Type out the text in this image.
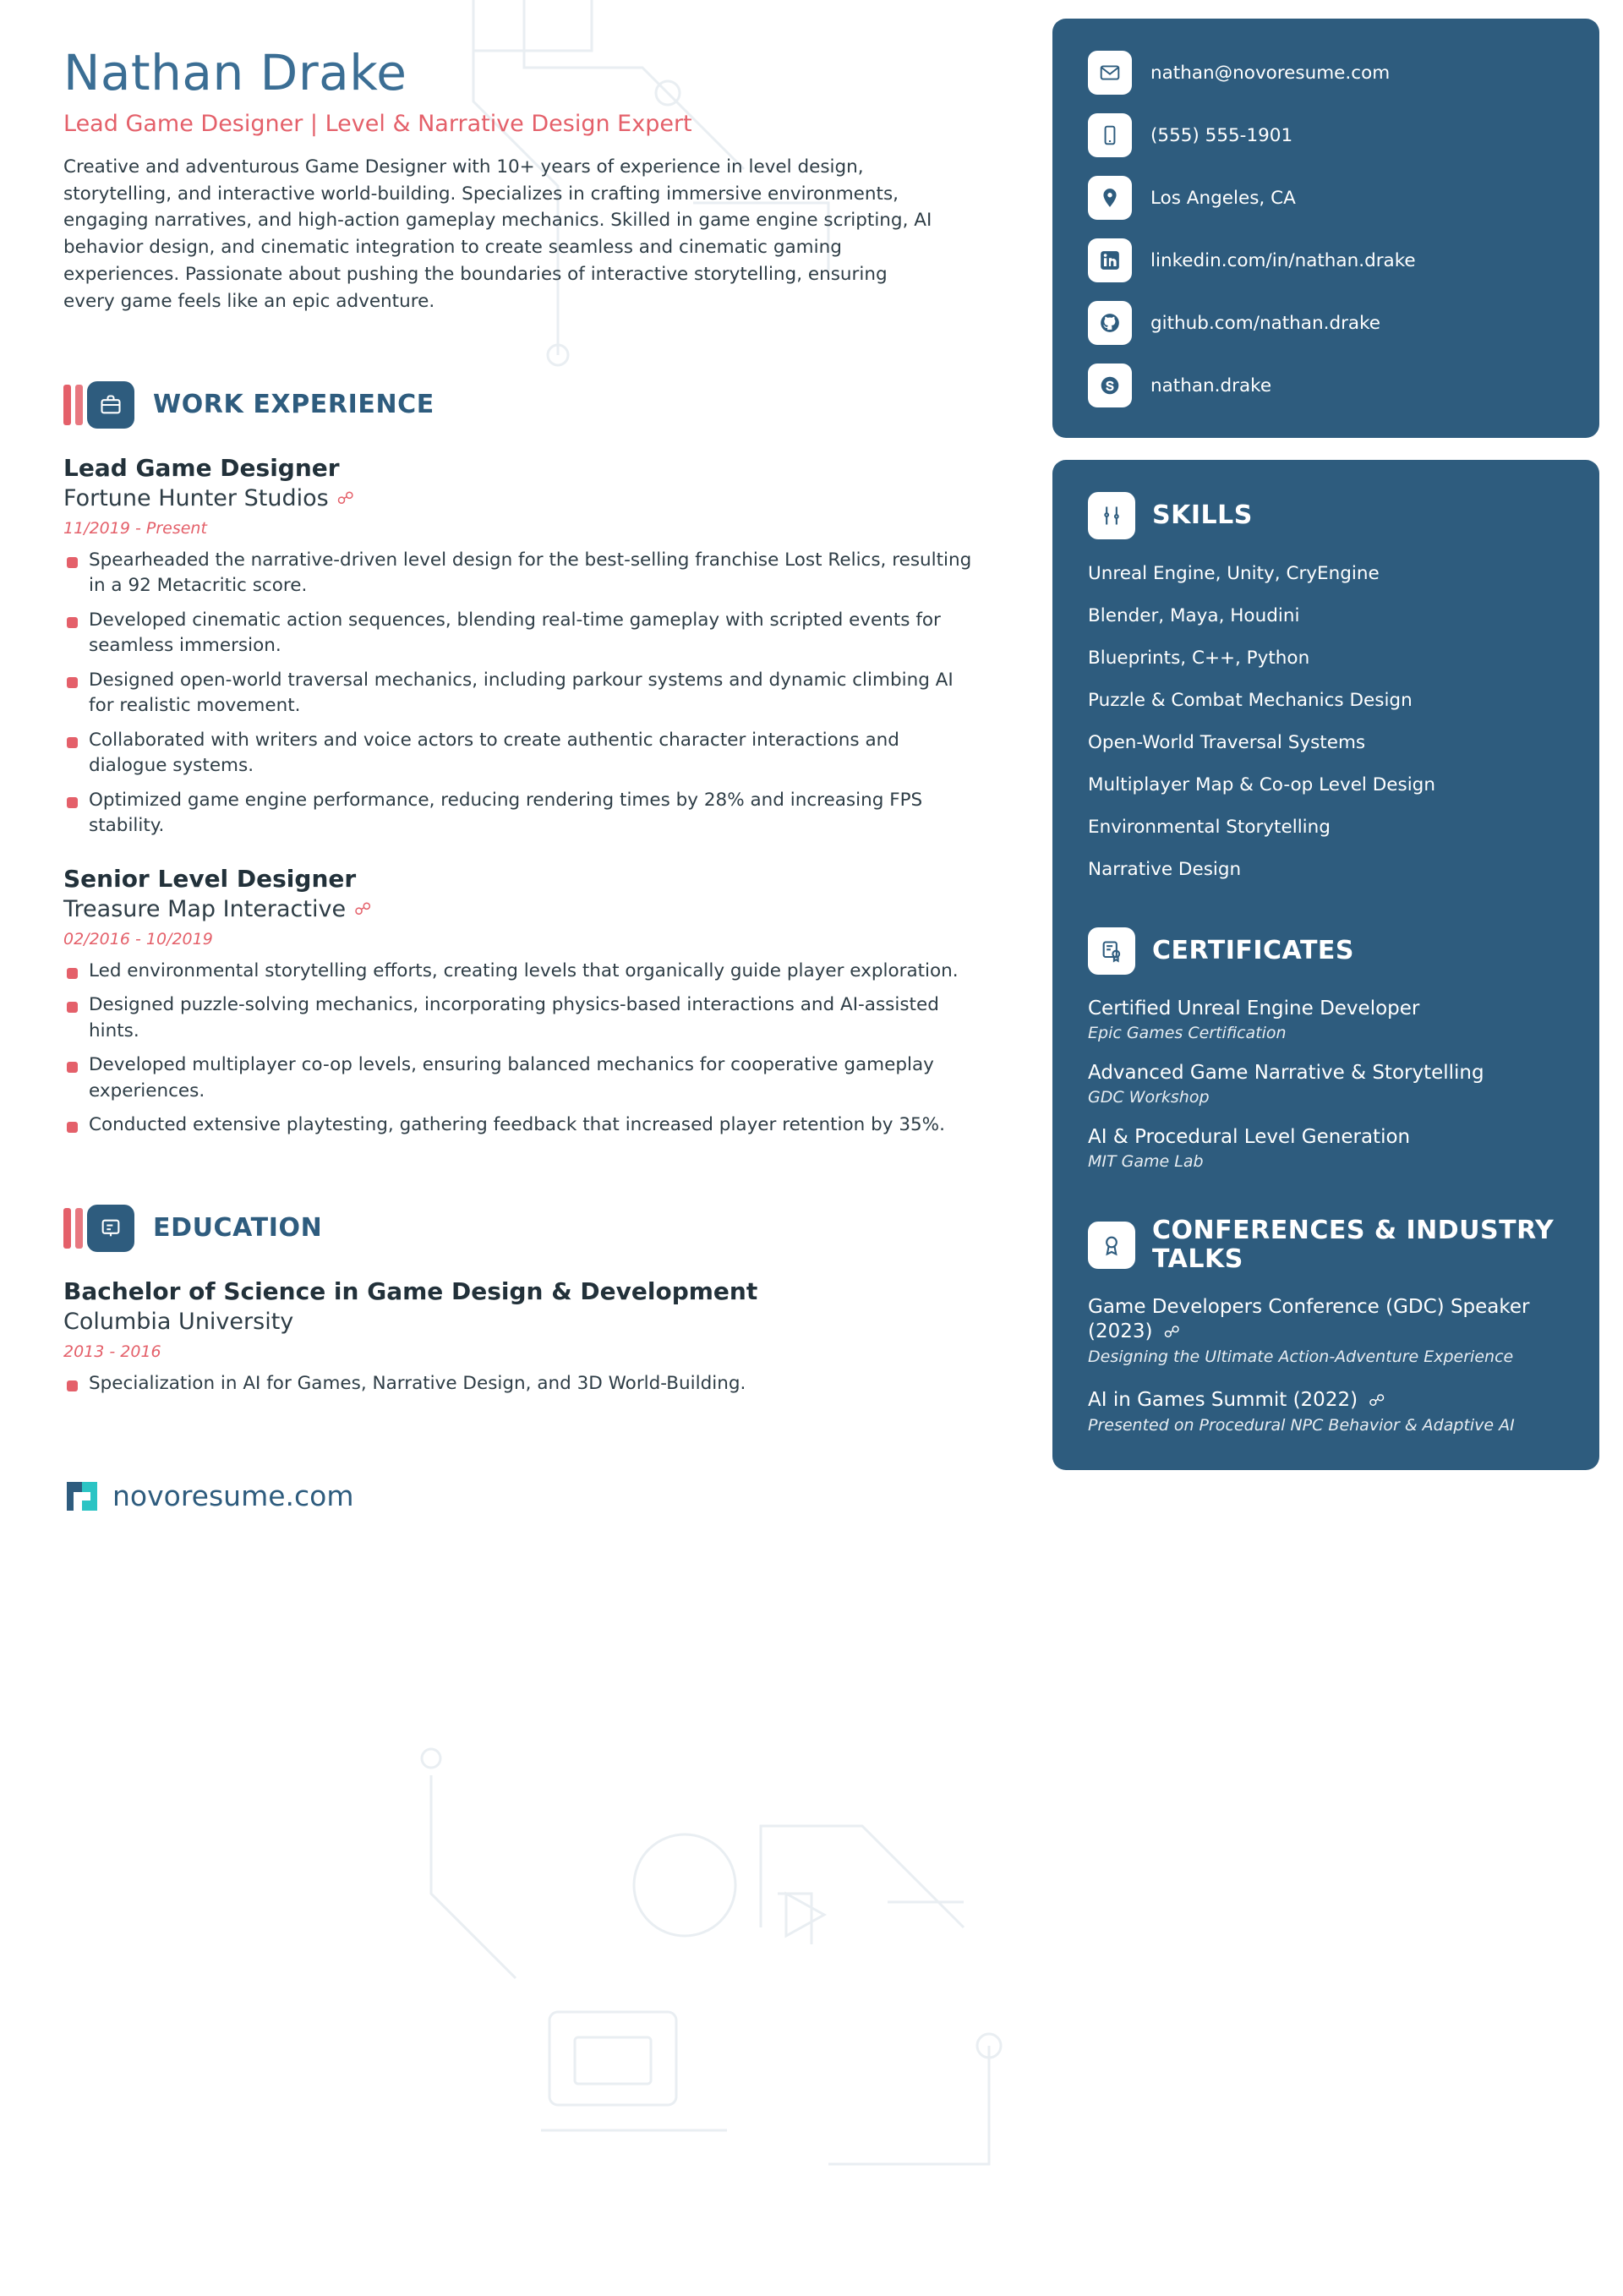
Nathan Drake
Lead Game Designer | Level & Narrative Design Expert
Creative and adventurous Game Designer with 10+ years of experience in level design, storytelling, and interactive world-building. Specializes in crafting immersive environments, engaging narratives, and high-action gameplay mechanics. Skilled in game engine scripting, AI behavior design, and cinematic integration to create seamless and cinematic gaming experiences. Passionate about pushing the boundaries of interactive storytelling, ensuring every game feels like an epic adventure.
WORK EXPERIENCE
Lead Game Designer
Fortune Hunter Studios ☍
11/2019 - Present
Spearheaded the narrative-driven level design for the best-selling franchise Lost Relics, resulting in a 92 Metacritic score.
Developed cinematic action sequences, blending real-time gameplay with scripted events for seamless immersion.
Designed open-world traversal mechanics, including parkour systems and dynamic climbing AI for realistic movement.
Collaborated with writers and voice actors to create authentic character interactions and dialogue systems.
Optimized game engine performance, reducing rendering times by 28% and increasing FPS stability.
Senior Level Designer
Treasure Map Interactive ☍
02/2016 - 10/2019
Led environmental storytelling efforts, creating levels that organically guide player exploration.
Designed puzzle-solving mechanics, incorporating physics-based interactions and AI-assisted hints.
Developed multiplayer co-op levels, ensuring balanced mechanics for cooperative gameplay experiences.
Conducted extensive playtesting, gathering feedback that increased player retention by 35%.
EDUCATION
Bachelor of Science in Game Design & Development
Columbia University
2013 - 2016
Specialization in AI for Games, Narrative Design, and 3D World-Building.
novoresume.com
nathan@novoresume.com
(555) 555-1901
Los Angeles, CA
linkedin.com/in/nathan.drake
github.com/nathan.drake
nathan.drake
SKILLS
Unreal Engine, Unity, CryEngine
Blender, Maya, Houdini
Blueprints, C++, Python
Puzzle & Combat Mechanics Design
Open-World Traversal Systems
Multiplayer Map & Co-op Level Design
Environmental Storytelling
Narrative Design
CERTIFICATES
Certified Unreal Engine Developer
Epic Games Certification
Advanced Game Narrative & Storytelling
GDC Workshop
AI & Procedural Level Generation
MIT Game Lab
CONFERENCES & INDUSTRY TALKS
Game Developers Conference (GDC) Speaker (2023) ☍
Designing the Ultimate Action-Adventure Experience
AI in Games Summit (2022) ☍
Presented on Procedural NPC Behavior & Adaptive AI
